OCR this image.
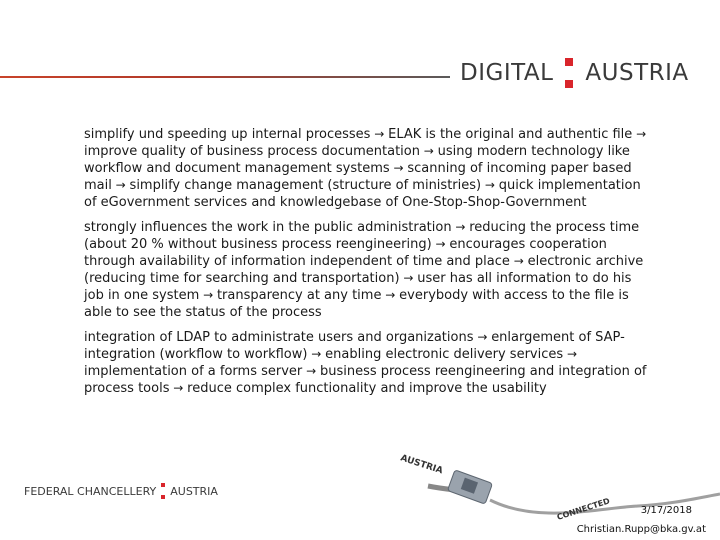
DIGITAL AUSTRIA

simplify und speeding up internal processes → ELAK is the original and authentic file → improve quality of business process documentation → using modern technology like workflow and document management systems → scanning of incoming paper based mail → simplify change management (structure of ministries) → quick implementation of eGovernment services and knowledgebase of One-Stop-Shop-Government

strongly influences the work in the public administration → reducing the process time (about 20 % without business process reengineering) → encourages cooperation through availability of information independent of time and place → electronic archive (reducing time for searching and transportation) → user has all information to do his job in one system → transparency at any time → everybody with access to the file is able to see the status of the process

integration of LDAP to administrate users and organizations → enlargement of SAP-integration (workflow to workflow) → enabling electronic delivery services → implementation of a forms server → business process reengineering and integration of process tools → reduce complex functionality and improve the usability

FEDERAL CHANCELLERY AUSTRIA
AUSTRIA
CONNECTED	3/17/2018
Christian.Rupp@bka.gv.at
